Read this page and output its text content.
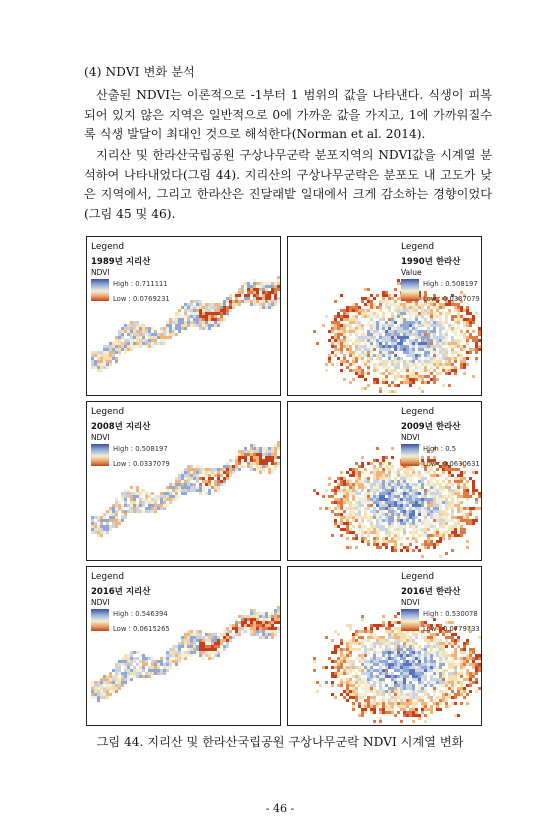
(4) NDVI 변화 분석

산출된 NDVI는 이론적으로 -1부터 1 범위의 값을 나타낸다. 식생이 피복되어 있지 않은 지역은 일반적으로 0에 가까운 값을 가지고, 1에 가까워질수록 식생 발달이 최대인 것으로 해석한다(Norman et al. 2014).

지리산 및 한라산국립공원 구상나무군락 분포지역의 NDVI값을 시계열 분석하여 나타내었다(그림 44). 지리산의 구상나무군락은 분포도 내 고도가 낮은 지역에서, 그리고 한라산은 진달래밭 일대에서 크게 감소하는 경향이었다(그림 45 및 46).

Legend
1989년 지리산
NDVI
High : 0.711111
Low : 0.0769231
Legend
1990년 한라산
Value
High : 0.508197
Low : 0.0337079
Legend
2008년 지리산
NDVI
High : 0.508197
Low : 0.0337079
Legend
2009년 한라산
NDVI
High : 0.5
Low : 0.0630631
Legend
2016년 지리산
NDVI
High : 0.546394
Low : 0.0615265
Legend
2016년 한라산
NDVI
High : 0.530078
Low : 0.0779733
그림 44. 지리산 및 한라산국립공원 구상나무군락 NDVI 시계열 변화
- 46 -
